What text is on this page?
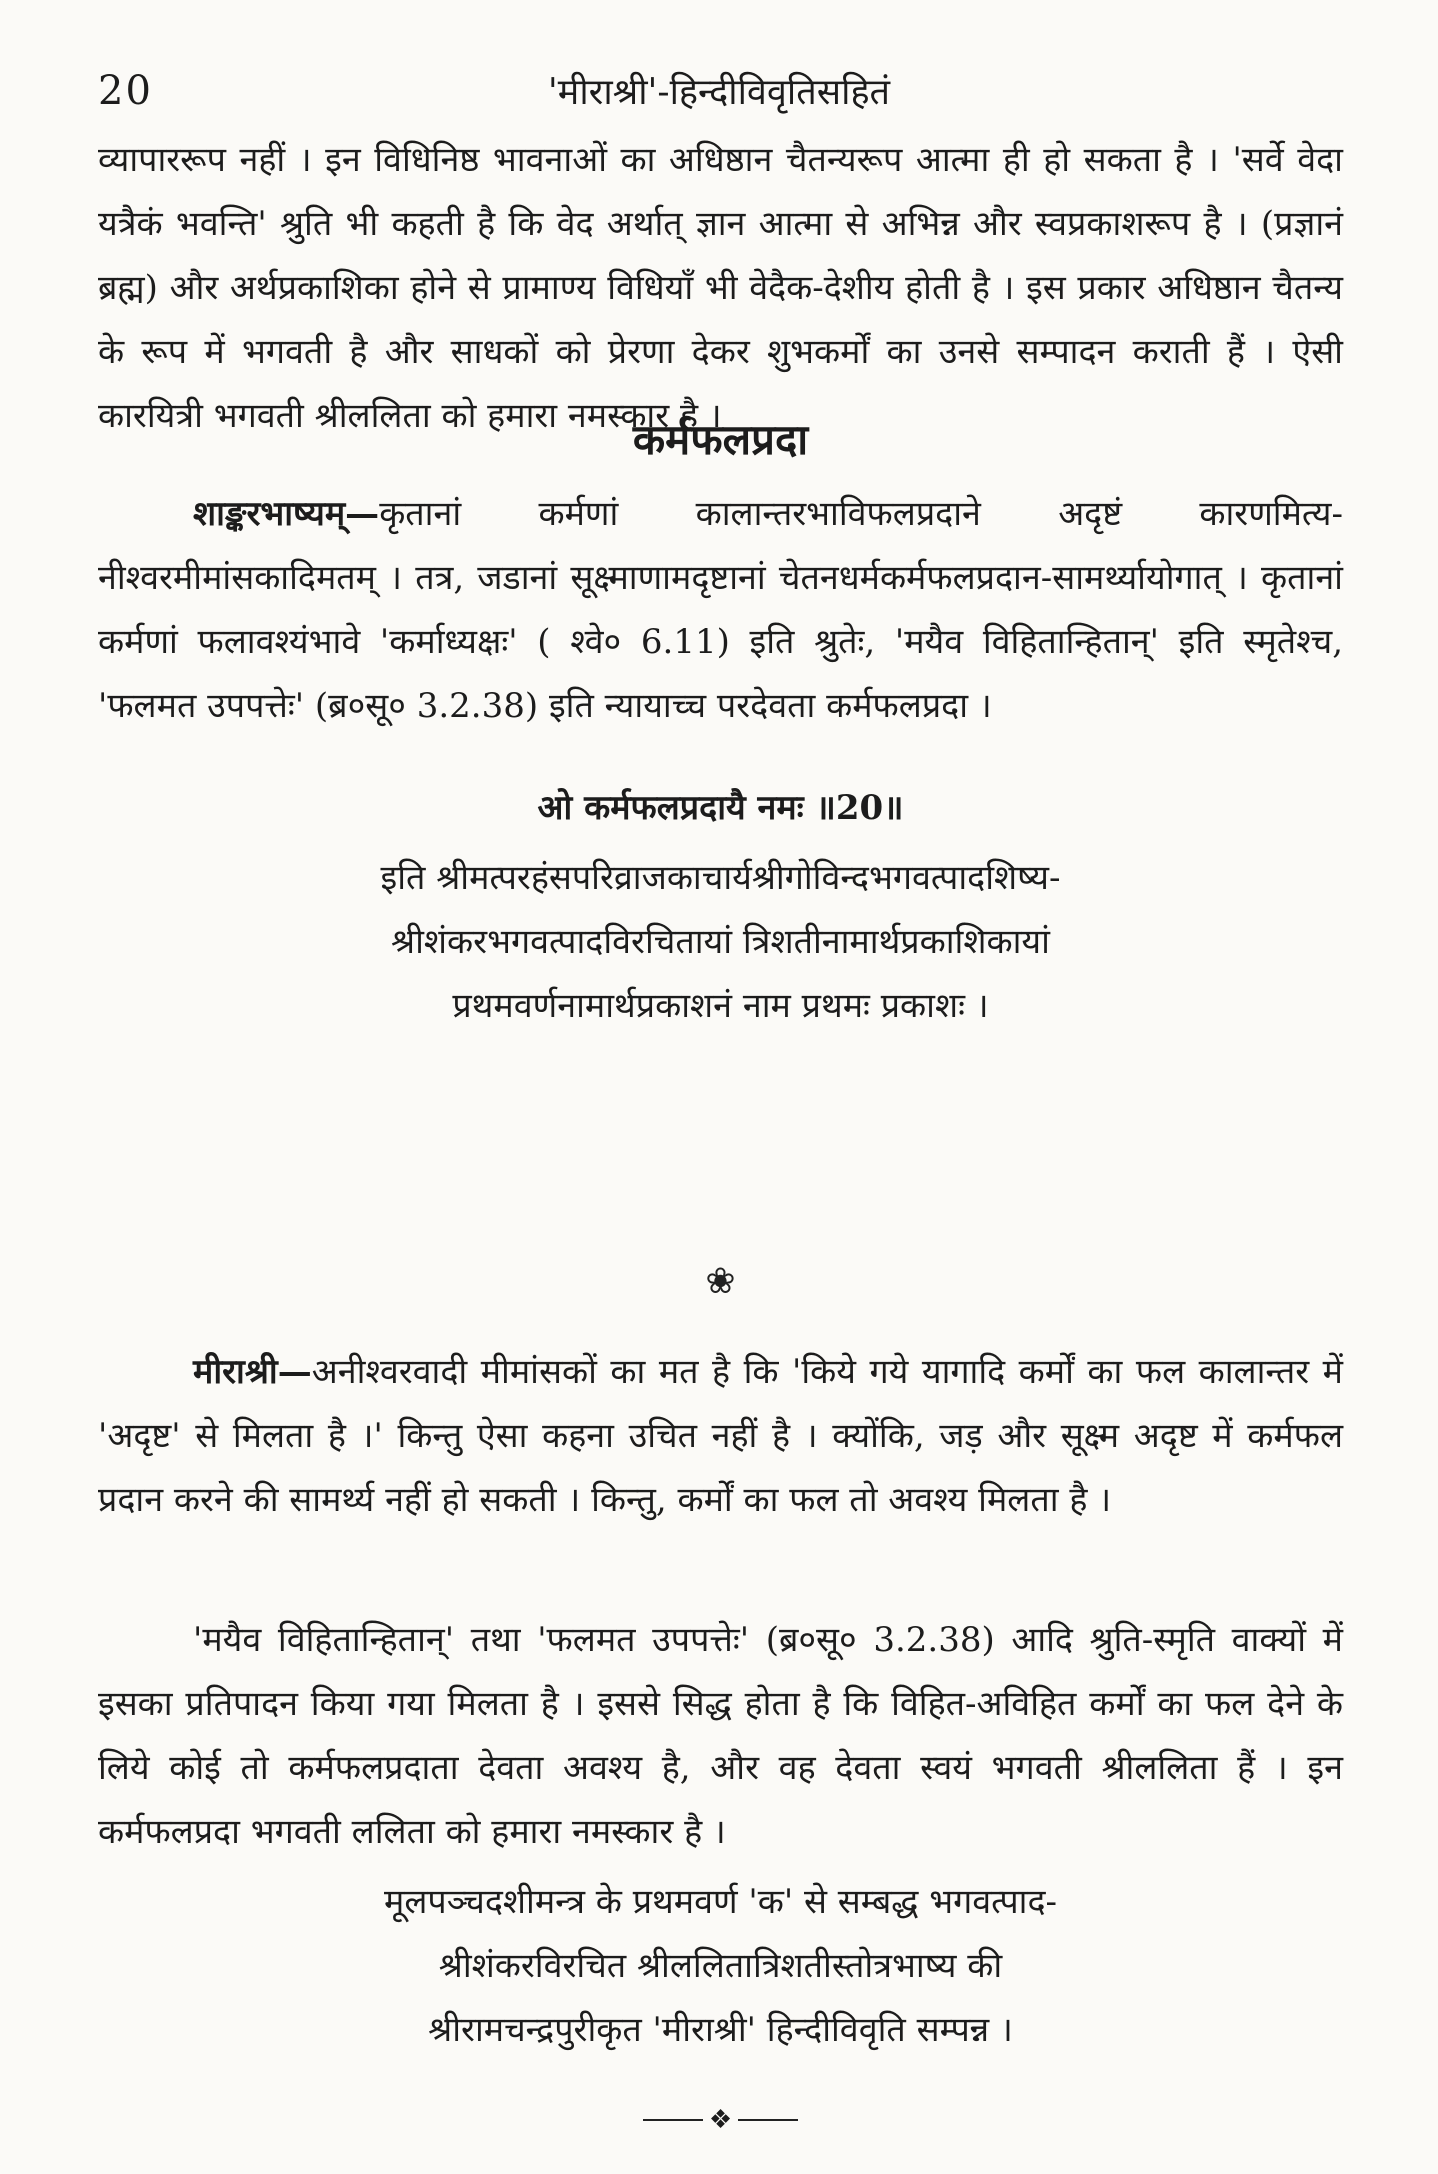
20	'मीराश्री'-हिन्दीविवृतिसहितं

व्यापाररूप नहीं । इन विधिनिष्ठ भावनाओं का अधिष्ठान चैतन्यरूप आत्मा ही हो सकता है । 'सर्वे वेदा यत्रैकं भवन्ति' श्रुति भी कहती है कि वेद अर्थात् ज्ञान आत्मा से अभिन्न और स्वप्रकाशरूप है । (प्रज्ञानं ब्रह्म) और अर्थप्रकाशिका होने से प्रामाण्य विधियाँ भी वेदैक-देशीय होती है । इस प्रकार अधिष्ठान चैतन्य के रूप में भगवती है और साधकों को प्रेरणा देकर शुभकर्मों का उनसे सम्पादन कराती हैं । ऐसी कारयित्री भगवती श्रीललिता को हमारा नमस्कार है ।

कर्मफलप्रदा

शाङ्करभाष्यम्—कृतानां कर्मणां कालान्तरभाविफलप्रदाने अदृष्टं कारणमित्य-नीश्वरमीमांसकादिमतम् । तत्र, जडानां सूक्ष्माणामदृष्टानां चेतनधर्मकर्मफलप्रदान-सामर्थ्यायोगात् । कृतानां कर्मणां फलावश्यंभावे 'कर्माध्यक्षः' ( श्वे० 6.11) इति श्रुतेः, 'मयैव विहितान्हितान्' इति स्मृतेश्च, 'फलमत उपपत्तेः' (ब्र०सू० 3.2.38) इति न्यायाच्च परदेवता कर्मफलप्रदा ।

ओ कर्मफलप्रदायै नमः ॥20॥
इति श्रीमत्परहंसपरिव्राजकाचार्यश्रीगोविन्दभगवत्पादशिष्य-
श्रीशंकरभगवत्पादविरचितायां त्रिशतीनामार्थप्रकाशिकायां
प्रथमवर्णनामार्थप्रकाशनं नाम प्रथमः प्रकाशः ।
❀

मीराश्री—अनीश्वरवादी मीमांसकों का मत है कि 'किये गये यागादि कर्मों का फल कालान्तर में 'अदृष्ट' से मिलता है ।' किन्तु ऐसा कहना उचित नहीं है । क्योंकि, जड़ और सूक्ष्म अदृष्ट में कर्मफल प्रदान करने की सामर्थ्य नहीं हो सकती । किन्तु, कर्मों का फल तो अवश्य मिलता है ।

'मयैव विहितान्हितान्' तथा 'फलमत उपपत्तेः' (ब्र०सू० 3.2.38) आदि श्रुति-स्मृति वाक्यों में इसका प्रतिपादन किया गया मिलता है । इससे सिद्ध होता है कि विहित-अविहित कर्मों का फल देने के लिये कोई तो कर्मफलप्रदाता देवता अवश्य है, और वह देवता स्वयं भगवती श्रीललिता हैं । इन कर्मफलप्रदा भगवती ललिता को हमारा नमस्कार है ।

मूलपञ्चदशीमन्त्र के प्रथमवर्ण 'क' से सम्बद्ध भगवत्पाद-
श्रीशंकरविरचित श्रीललितात्रिशतीस्तोत्रभाष्य की
श्रीरामचन्द्रपुरीकृत 'मीराश्री' हिन्दीविवृति सम्पन्न ।
❖
